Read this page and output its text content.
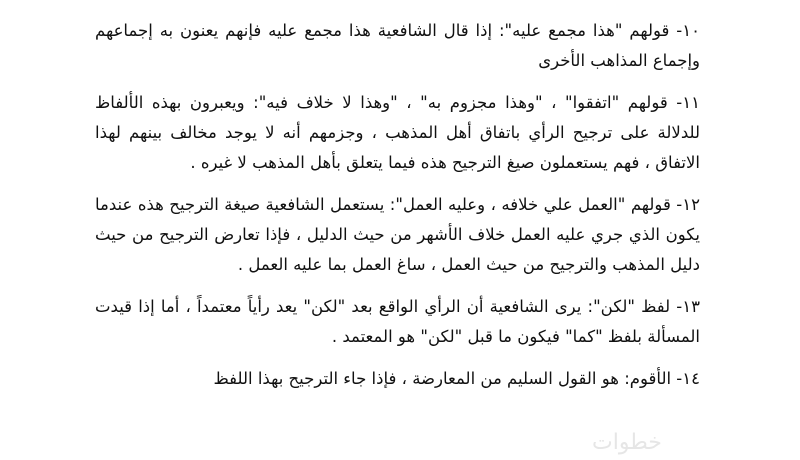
١٠- قولهم "هذا مجمع عليه": إذا قال الشافعية هذا مجمع عليه فإنهم يعنون به إجماعهم وإجماع المذاهب الأخرى

١١- قولهم "اتفقوا" ، "وهذا مجزوم به" ، "وهذا لا خلاف فيه": ويعبرون بهذه الألفاظ للدلالة على ترجيح الرأي باتفاق أهل المذهب ، وجزمهم أنه لا يوجد مخالف بينهم لهذا الاتفاق ، فهم يستعملون صيغ الترجيح هذه فيما يتعلق بأهل المذهب لا غيره .

١٢- قولهم "العمل علي خلافه ، وعليه العمل": يستعمل الشافعية صيغة الترجيح هذه عندما يكون الذي جري عليه العمل خلاف الأشهر من حيث الدليل ، فإذا تعارض الترجيح من حيث دليل المذهب والترجيح من حيث العمل ، ساغ العمل بما عليه العمل .

١٣- لفظ "لكن": يرى الشافعية أن الرأي الواقع بعد "لكن" يعد رأياً معتمداً ، أما إذا قيدت المسألة بلفظ "كما" فيكون ما قبل "لكن" هو المعتمد .

١٤- الأقوم: هو القول السليم من المعارضة ، فإذا جاء الترجيح بهذا اللفظ

خطوات
